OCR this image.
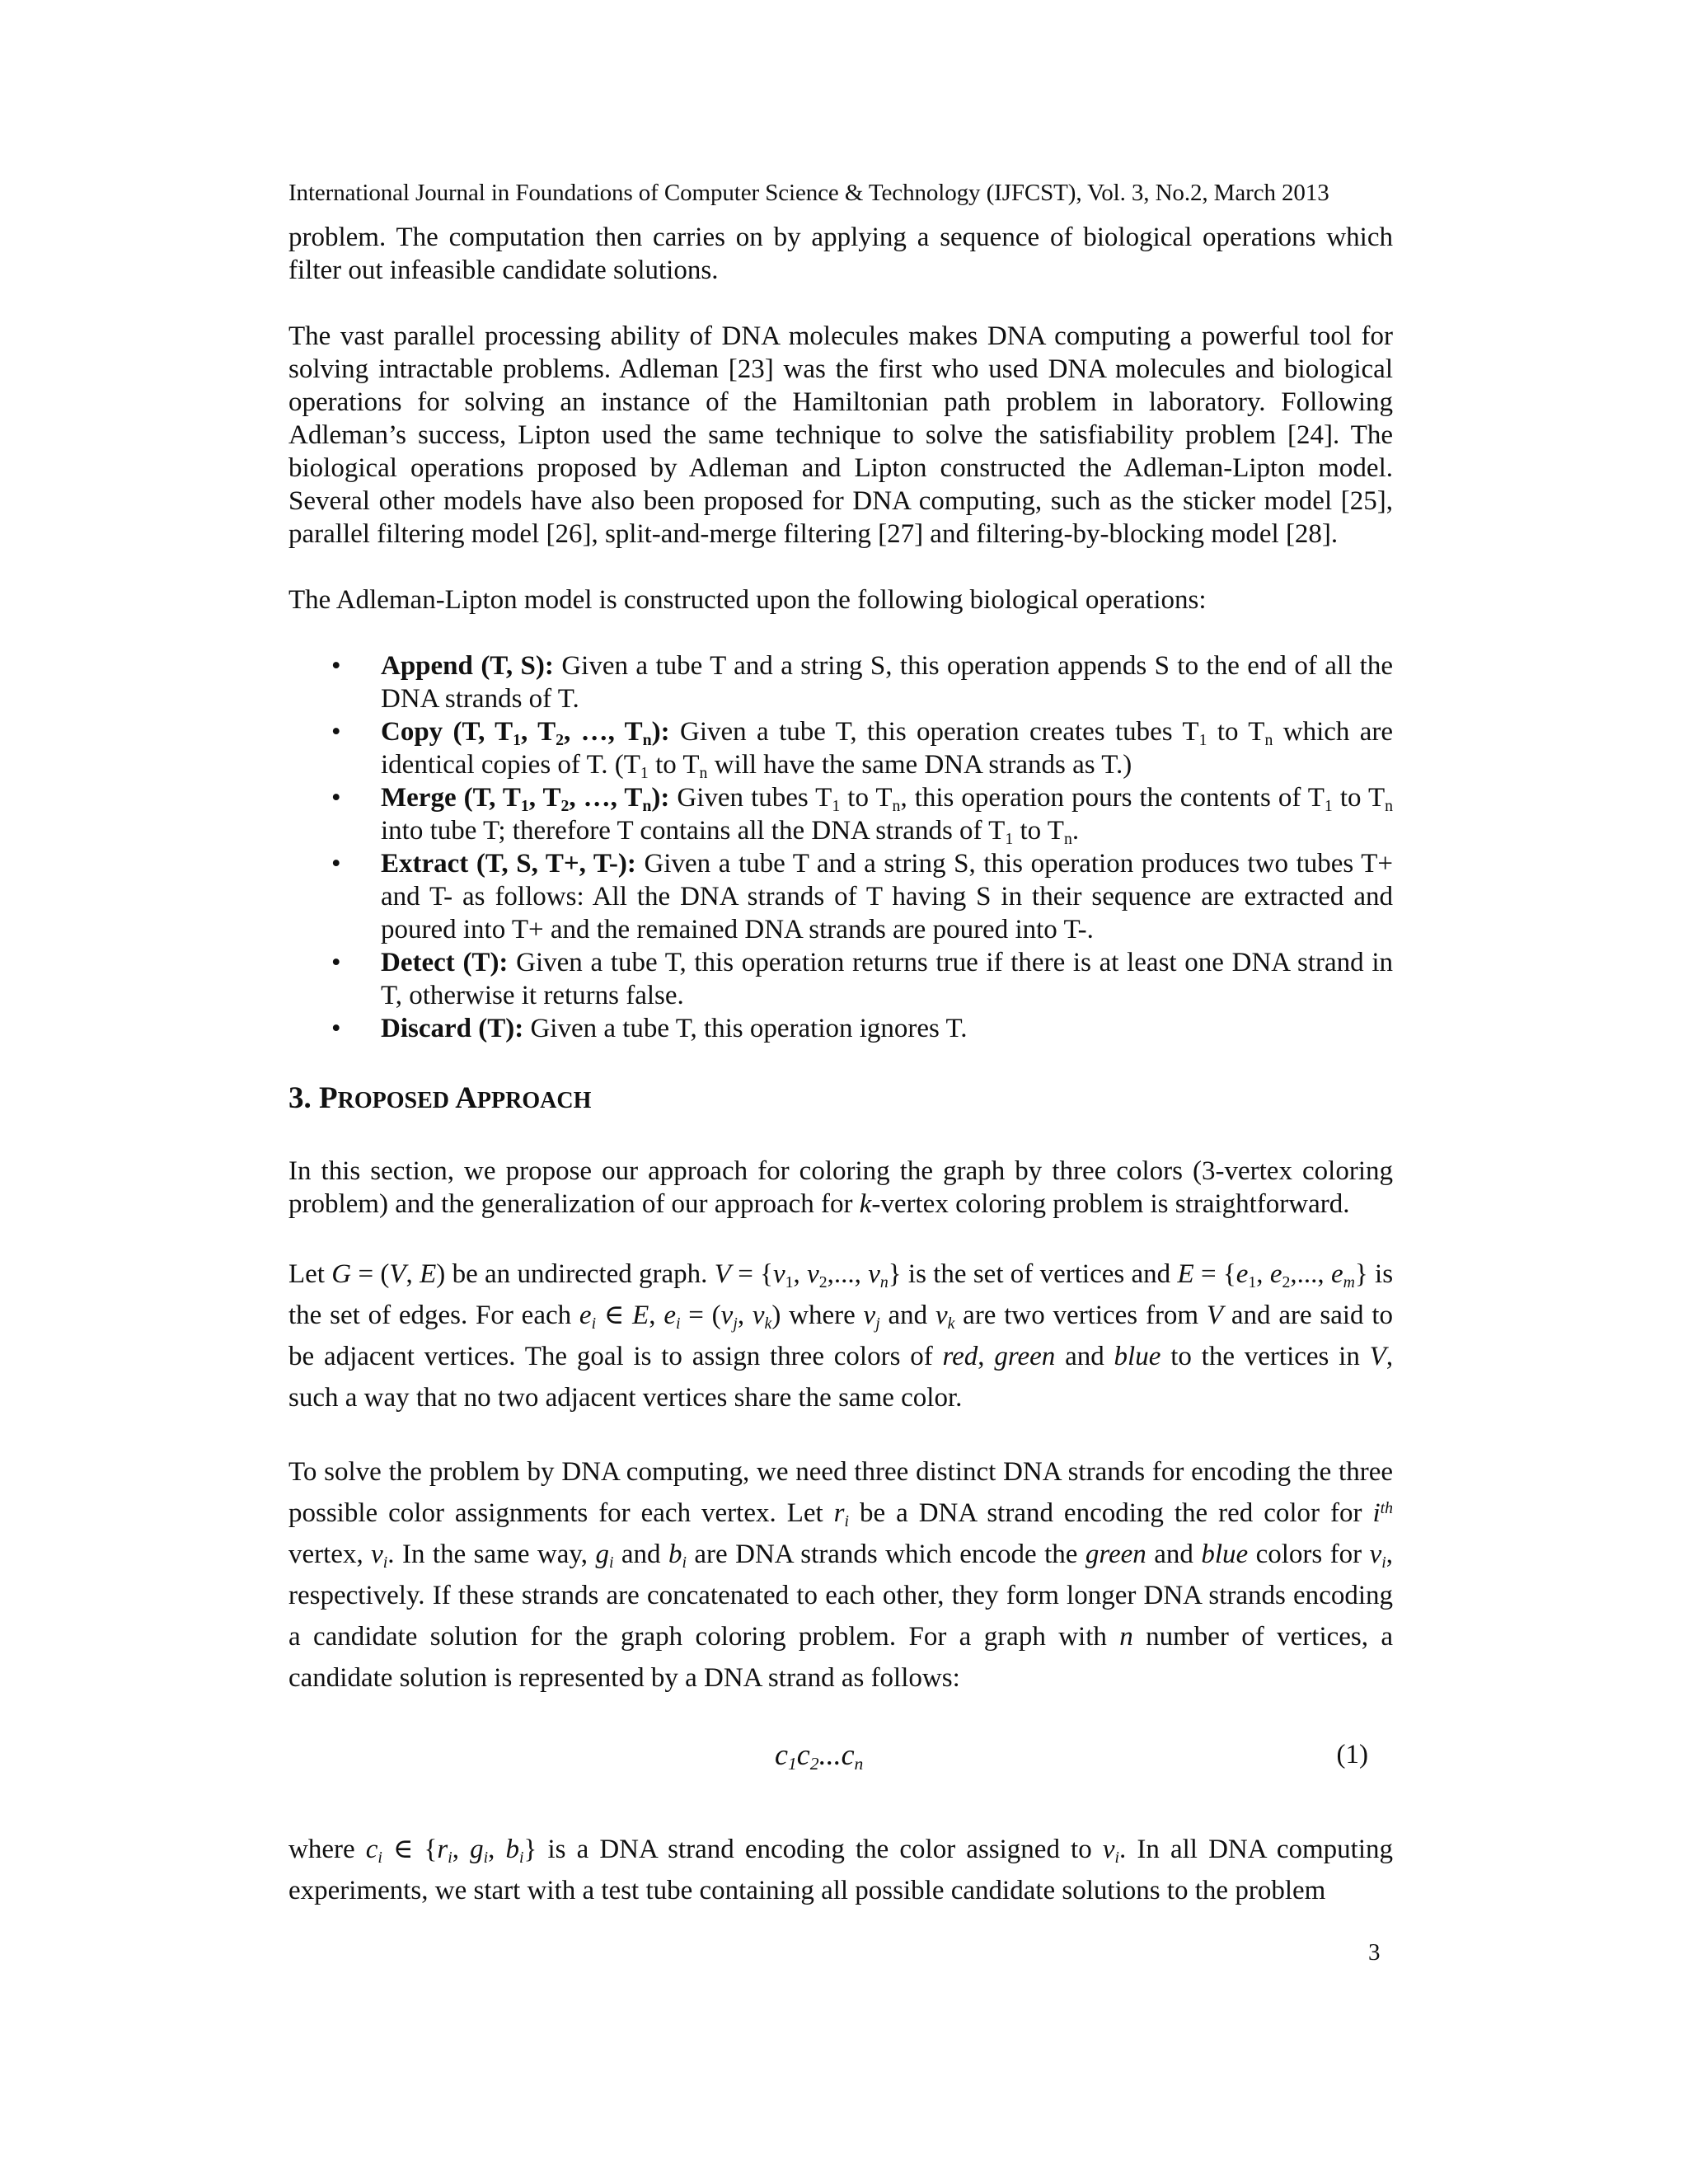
International Journal in Foundations of Computer Science & Technology (IJFCST), Vol. 3, No.2, March 2013

problem. The computation then carries on by applying a sequence of biological operations which filter out infeasible candidate solutions.

The vast parallel processing ability of DNA molecules makes DNA computing a powerful tool for solving intractable problems. Adleman [23] was the first who used DNA molecules and biological operations for solving an instance of the Hamiltonian path problem in laboratory. Following Adleman’s success, Lipton used the same technique to solve the satisfiability problem [24]. The biological operations proposed by Adleman and Lipton constructed the Adleman-Lipton model. Several other models have also been proposed for DNA computing, such as the sticker model [25], parallel filtering model [26], split-and-merge filtering [27] and filtering-by-blocking model [28].

The Adleman-Lipton model is constructed upon the following biological operations:

• Append (T, S): Given a tube T and a string S, this operation appends S to the end of all the DNA strands of T.
• Copy (T, $T_1$, $T_2$, …, $T_n$): Given a tube T, this operation creates tubes $T_1$ to $T_n$ which are identical copies of T. ($T_1$ to $T_n$ will have the same DNA strands as T.)
• Merge (T, $T_1$, $T_2$, …, $T_n$): Given tubes $T_1$ to $T_n$, this operation pours the contents of $T_1$ to $T_n$ into tube T; therefore T contains all the DNA strands of $T_1$ to $T_n$.
• Extract (T, S, T+, T-): Given a tube T and a string S, this operation produces two tubes T+ and T- as follows: All the DNA strands of T having S in their sequence are extracted and poured into T+ and the remained DNA strands are poured into T-.
• Detect (T): Given a tube T, this operation returns true if there is at least one DNA strand in T, otherwise it returns false.
• Discard (T): Given a tube T, this operation ignores T.
3. PROPOSED APPROACH

In this section, we propose our approach for coloring the graph by three colors (3-vertex coloring problem) and the generalization of our approach for k-vertex coloring problem is straightforward.

Let G = (V, E) be an undirected graph. $V = \{v_1$, $v_2$,..., $v_n$} is the set of vertices and $E = \{e_1$, $e_2$,..., $e_m$} is the set of edges. For each $e_i$ ∈ E, $e_i = (v_j$, $v_k$) where $v_j$ and $v_k$ are two vertices from V and are said to be adjacent vertices. The goal is to assign three colors of red, green and blue to the vertices in V, such a way that no two adjacent vertices share the same color.

To solve the problem by DNA computing, we need three distinct DNA strands for encoding the three possible color assignments for each vertex. Let $r_i$ be a DNA strand encoding the red color for $i^{th}$ vertex, $v_i$. In the same way, $g_i$ and $b_i$ are DNA strands which encode the green and blue colors for $v_i$, respectively. If these strands are concatenated to each other, they form longer DNA strands encoding a candidate solution for the graph coloring problem. For a graph with n number of vertices, a candidate solution is represented by a DNA strand as follows:

$c_1c_2...c_n$	(1)

where $c_i$ ∈ {$r_i$, $g_i$, $b_i$} is a DNA strand encoding the color assigned to $v_i$. In all DNA computing experiments, we start with a test tube containing all possible candidate solutions to the problem

3
